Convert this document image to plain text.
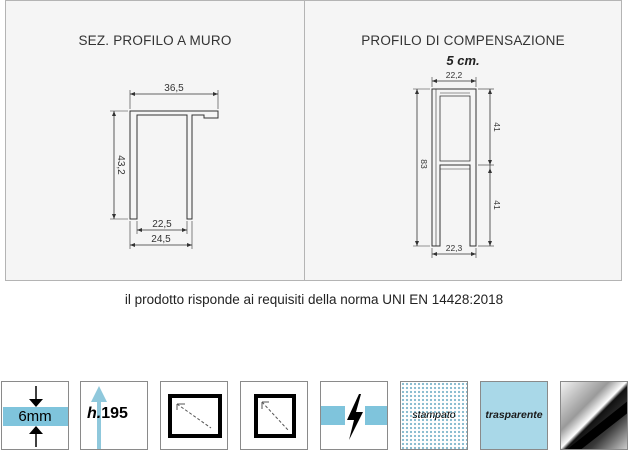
SEZ. PROFILO A MURO
36,5
43,2
22,5
24,5
PROFILO DI COMPENSAZIONE
5 cm.
22,2
83
41
41
22,3
il prodotto risponde ai requisiti della norma UNI EN 14428:2018
6mm	h.195	stampato	trasparente
